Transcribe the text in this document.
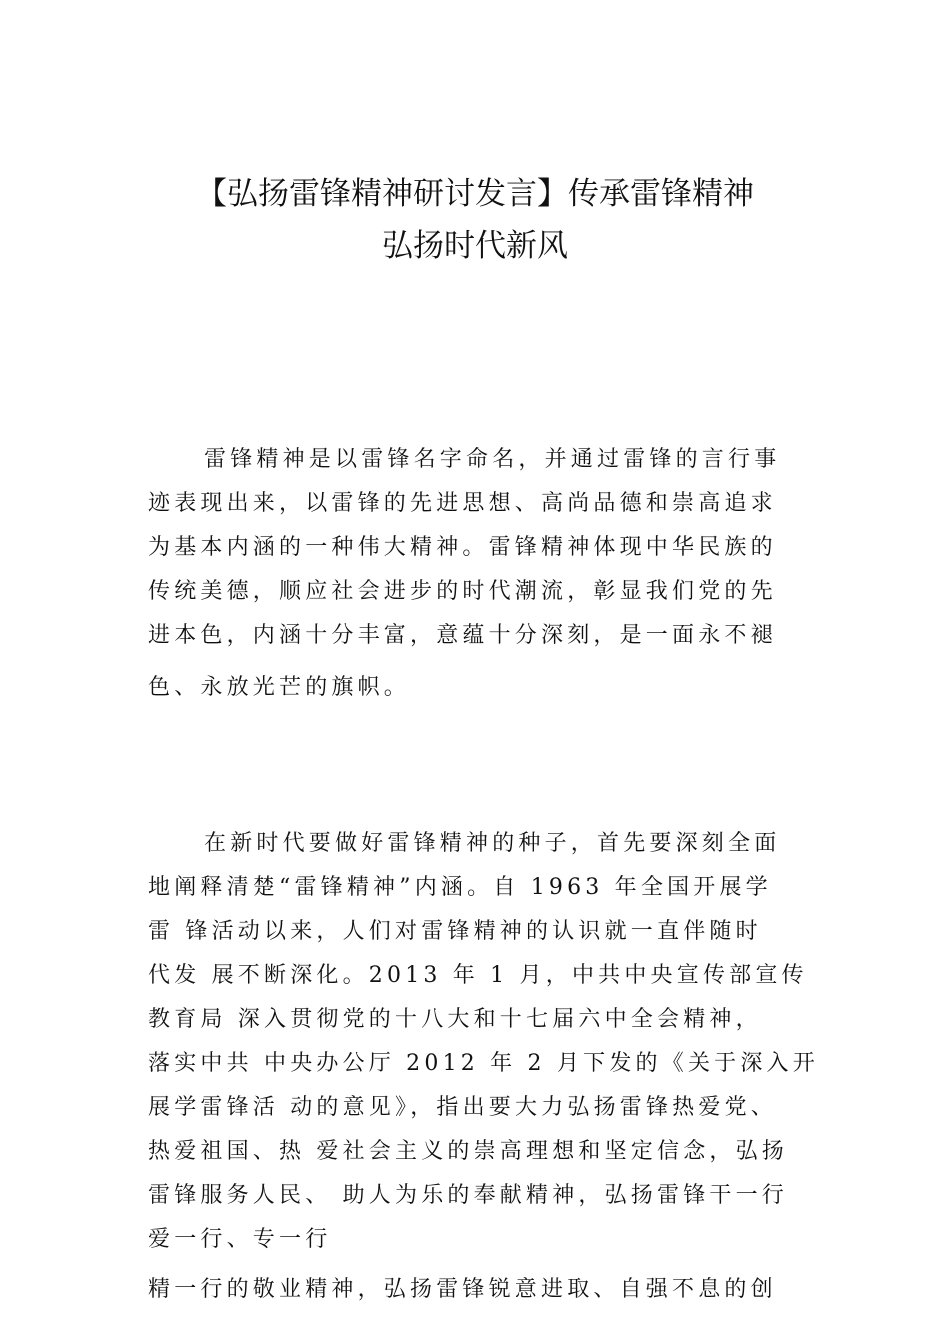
【弘扬雷锋精神研讨发言】传承雷锋精神
弘扬时代新风

雷锋精神是以雷锋名字命名，并通过雷锋的言行事
迹表现出来，以雷锋的先进思想、高尚品德和崇高追求
为基本内涵的一种伟大精神。雷锋精神体现中华民族的
传统美德，顺应社会进步的时代潮流，彰显我们党的先
进本色，内涵十分丰富，意蕴十分深刻，是一面永不褪
色、永放光芒的旗帜。

在新时代要做好雷锋精神的种子，首先要深刻全面
地阐释清楚“雷锋精神”内涵。自 1963 年全国开展学
雷 锋活动以来，人们对雷锋精神的认识就一直伴随时
代发 展不断深化。2013 年 1 月，中共中央宣传部宣传
教育局 深入贯彻党的十八大和十七届六中全会精神，
落实中共 中央办公厅 2012 年 2 月下发的《关于深入开
展学雷锋活 动的意见》，指出要大力弘扬雷锋热爱党、
热爱祖国、热 爱社会主义的崇高理想和坚定信念，弘扬
雷锋服务人民、 助人为乐的奉献精神，弘扬雷锋干一行
爱一行、专一行

精一行的敬业精神，弘扬雷锋锐意进取、自强不息的创
